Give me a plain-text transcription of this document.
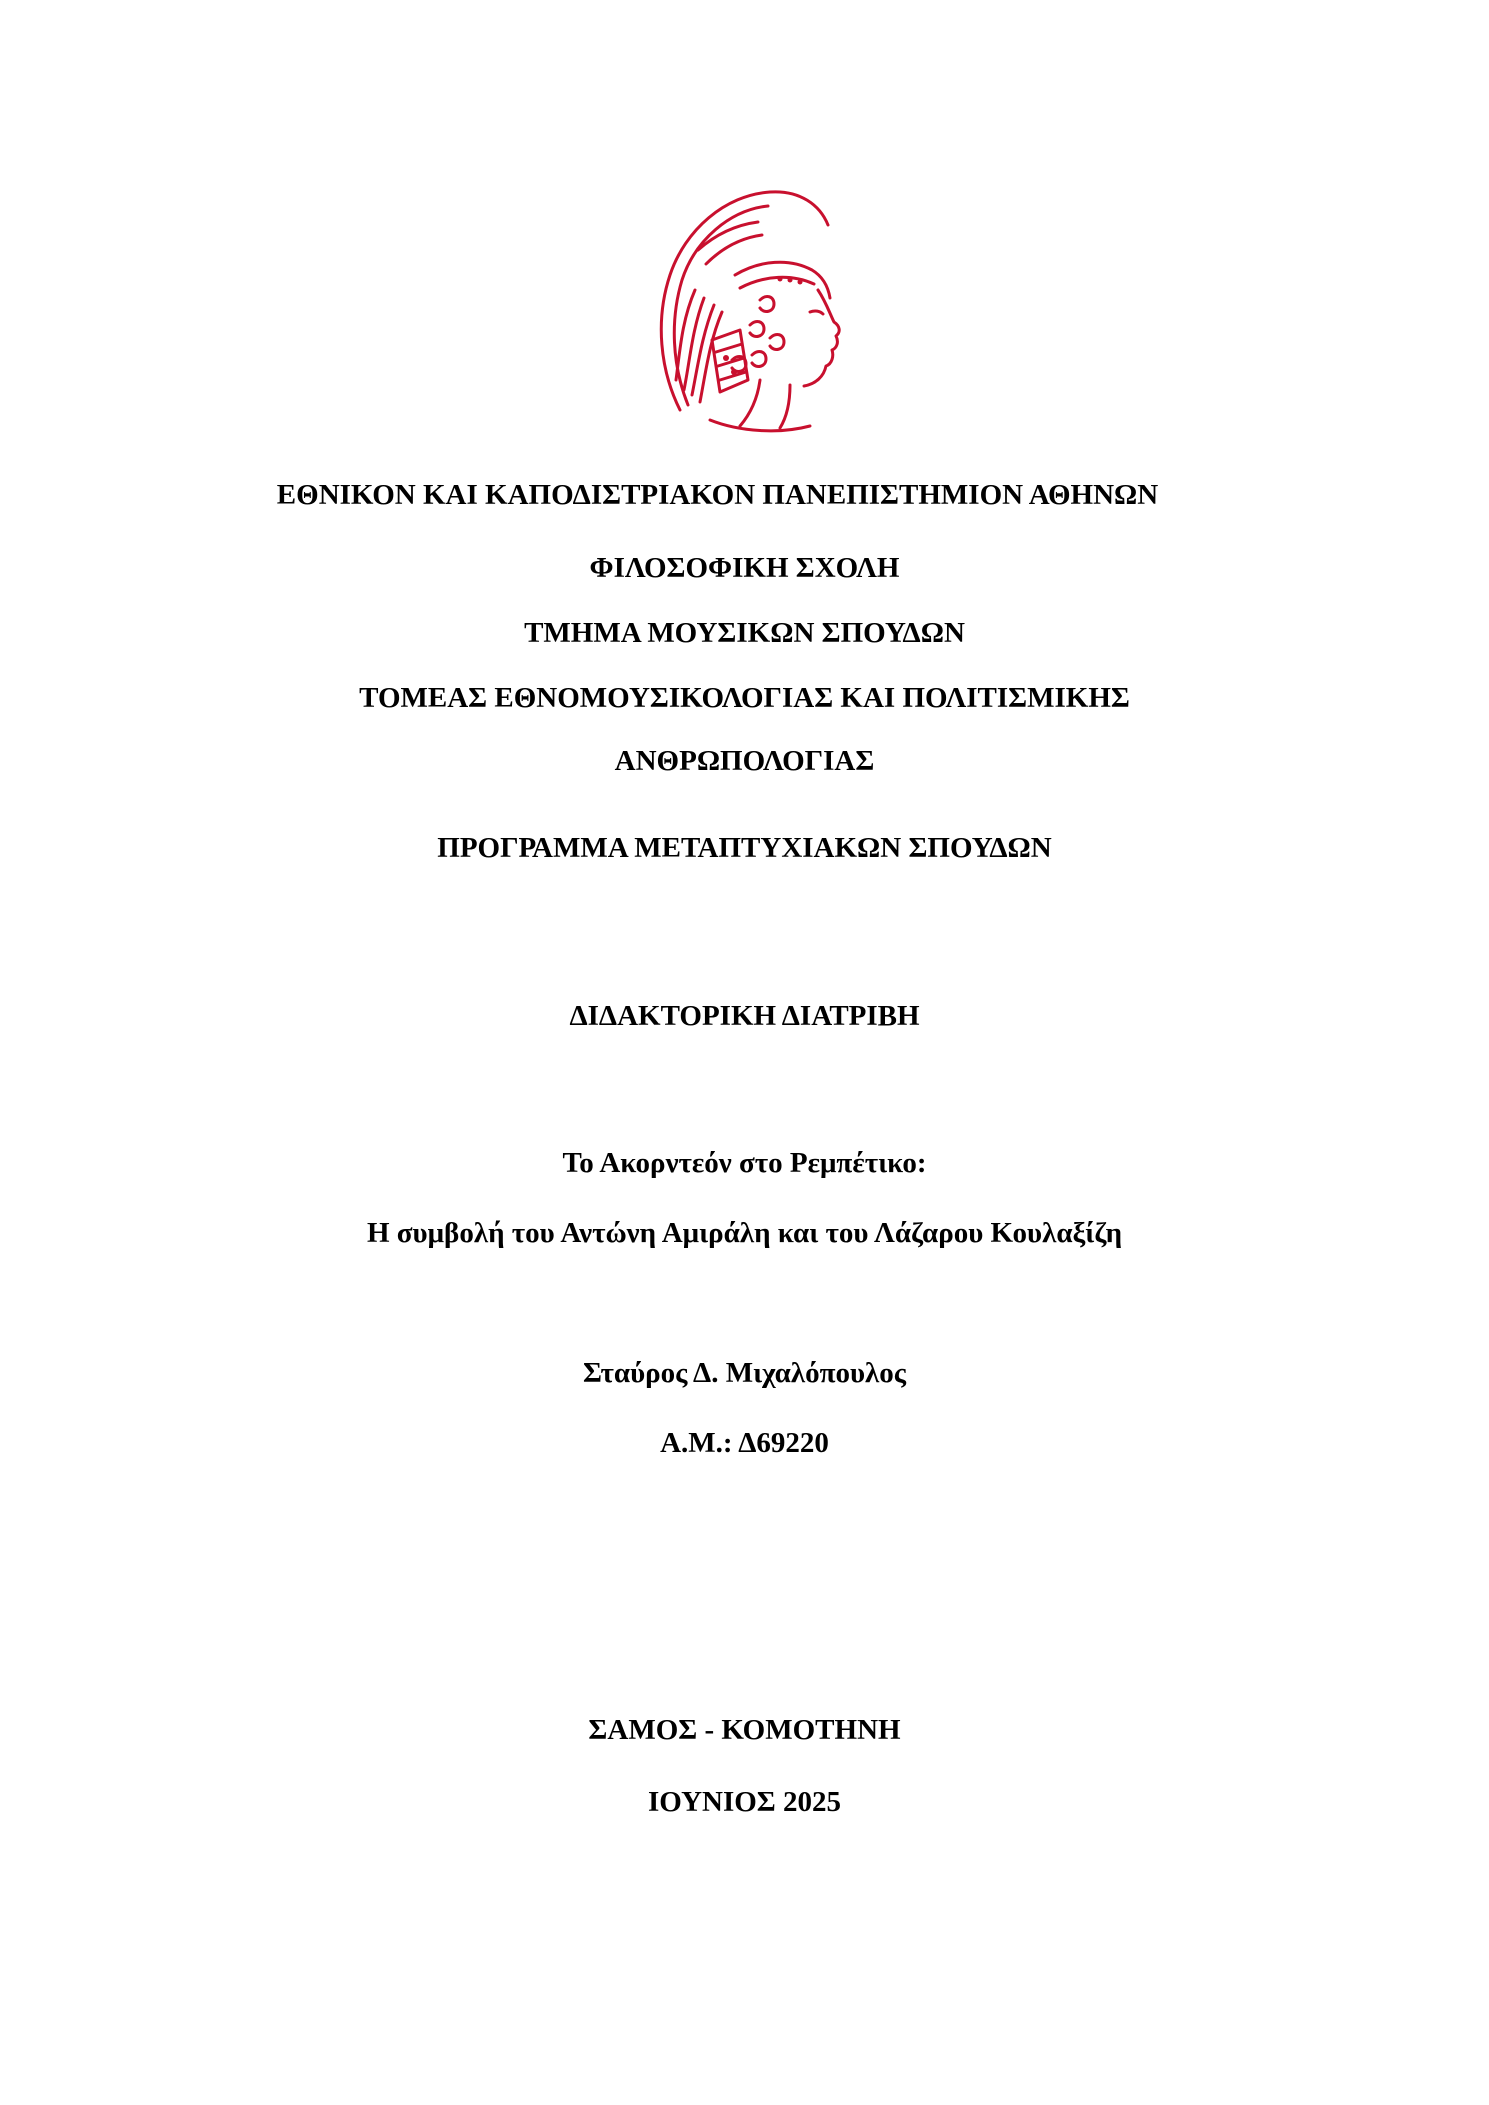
ΕΘΝΙΚΟΝ ΚΑΙ ΚΑΠΟΔΙΣΤΡΙΑΚΟΝ ΠΑΝΕΠΙΣΤΗΜΙΟΝ ΑΘΗΝΩΝ
ΦΙΛΟΣΟΦΙΚΗ ΣΧΟΛΗ
ΤΜΗΜΑ ΜΟΥΣΙΚΩΝ ΣΠΟΥΔΩΝ
ΤΟΜΕΑΣ ΕΘΝΟΜΟΥΣΙΚΟΛΟΓΙΑΣ ΚΑΙ ΠΟΛΙΤΙΣΜΙΚΗΣ
ΑΝΘΡΩΠΟΛΟΓΙΑΣ
ΠΡΟΓΡΑΜΜΑ ΜΕΤΑΠΤΥΧΙΑΚΩΝ ΣΠΟΥΔΩΝ
ΔΙΔΑΚΤΟΡΙΚΗ ΔΙΑΤΡΙΒΗ
Το Ακορντεόν στο Ρεμπέτικο:
Η συμβολή του Αντώνη Αμιράλη και του Λάζαρου Κουλαξίζη
Σταύρος Δ. Μιχαλόπουλος
Α.Μ.: Δ69220
ΣΑΜΟΣ - ΚΟΜΟΤΗΝΗ
ΙΟΥΝΙΟΣ 2025
